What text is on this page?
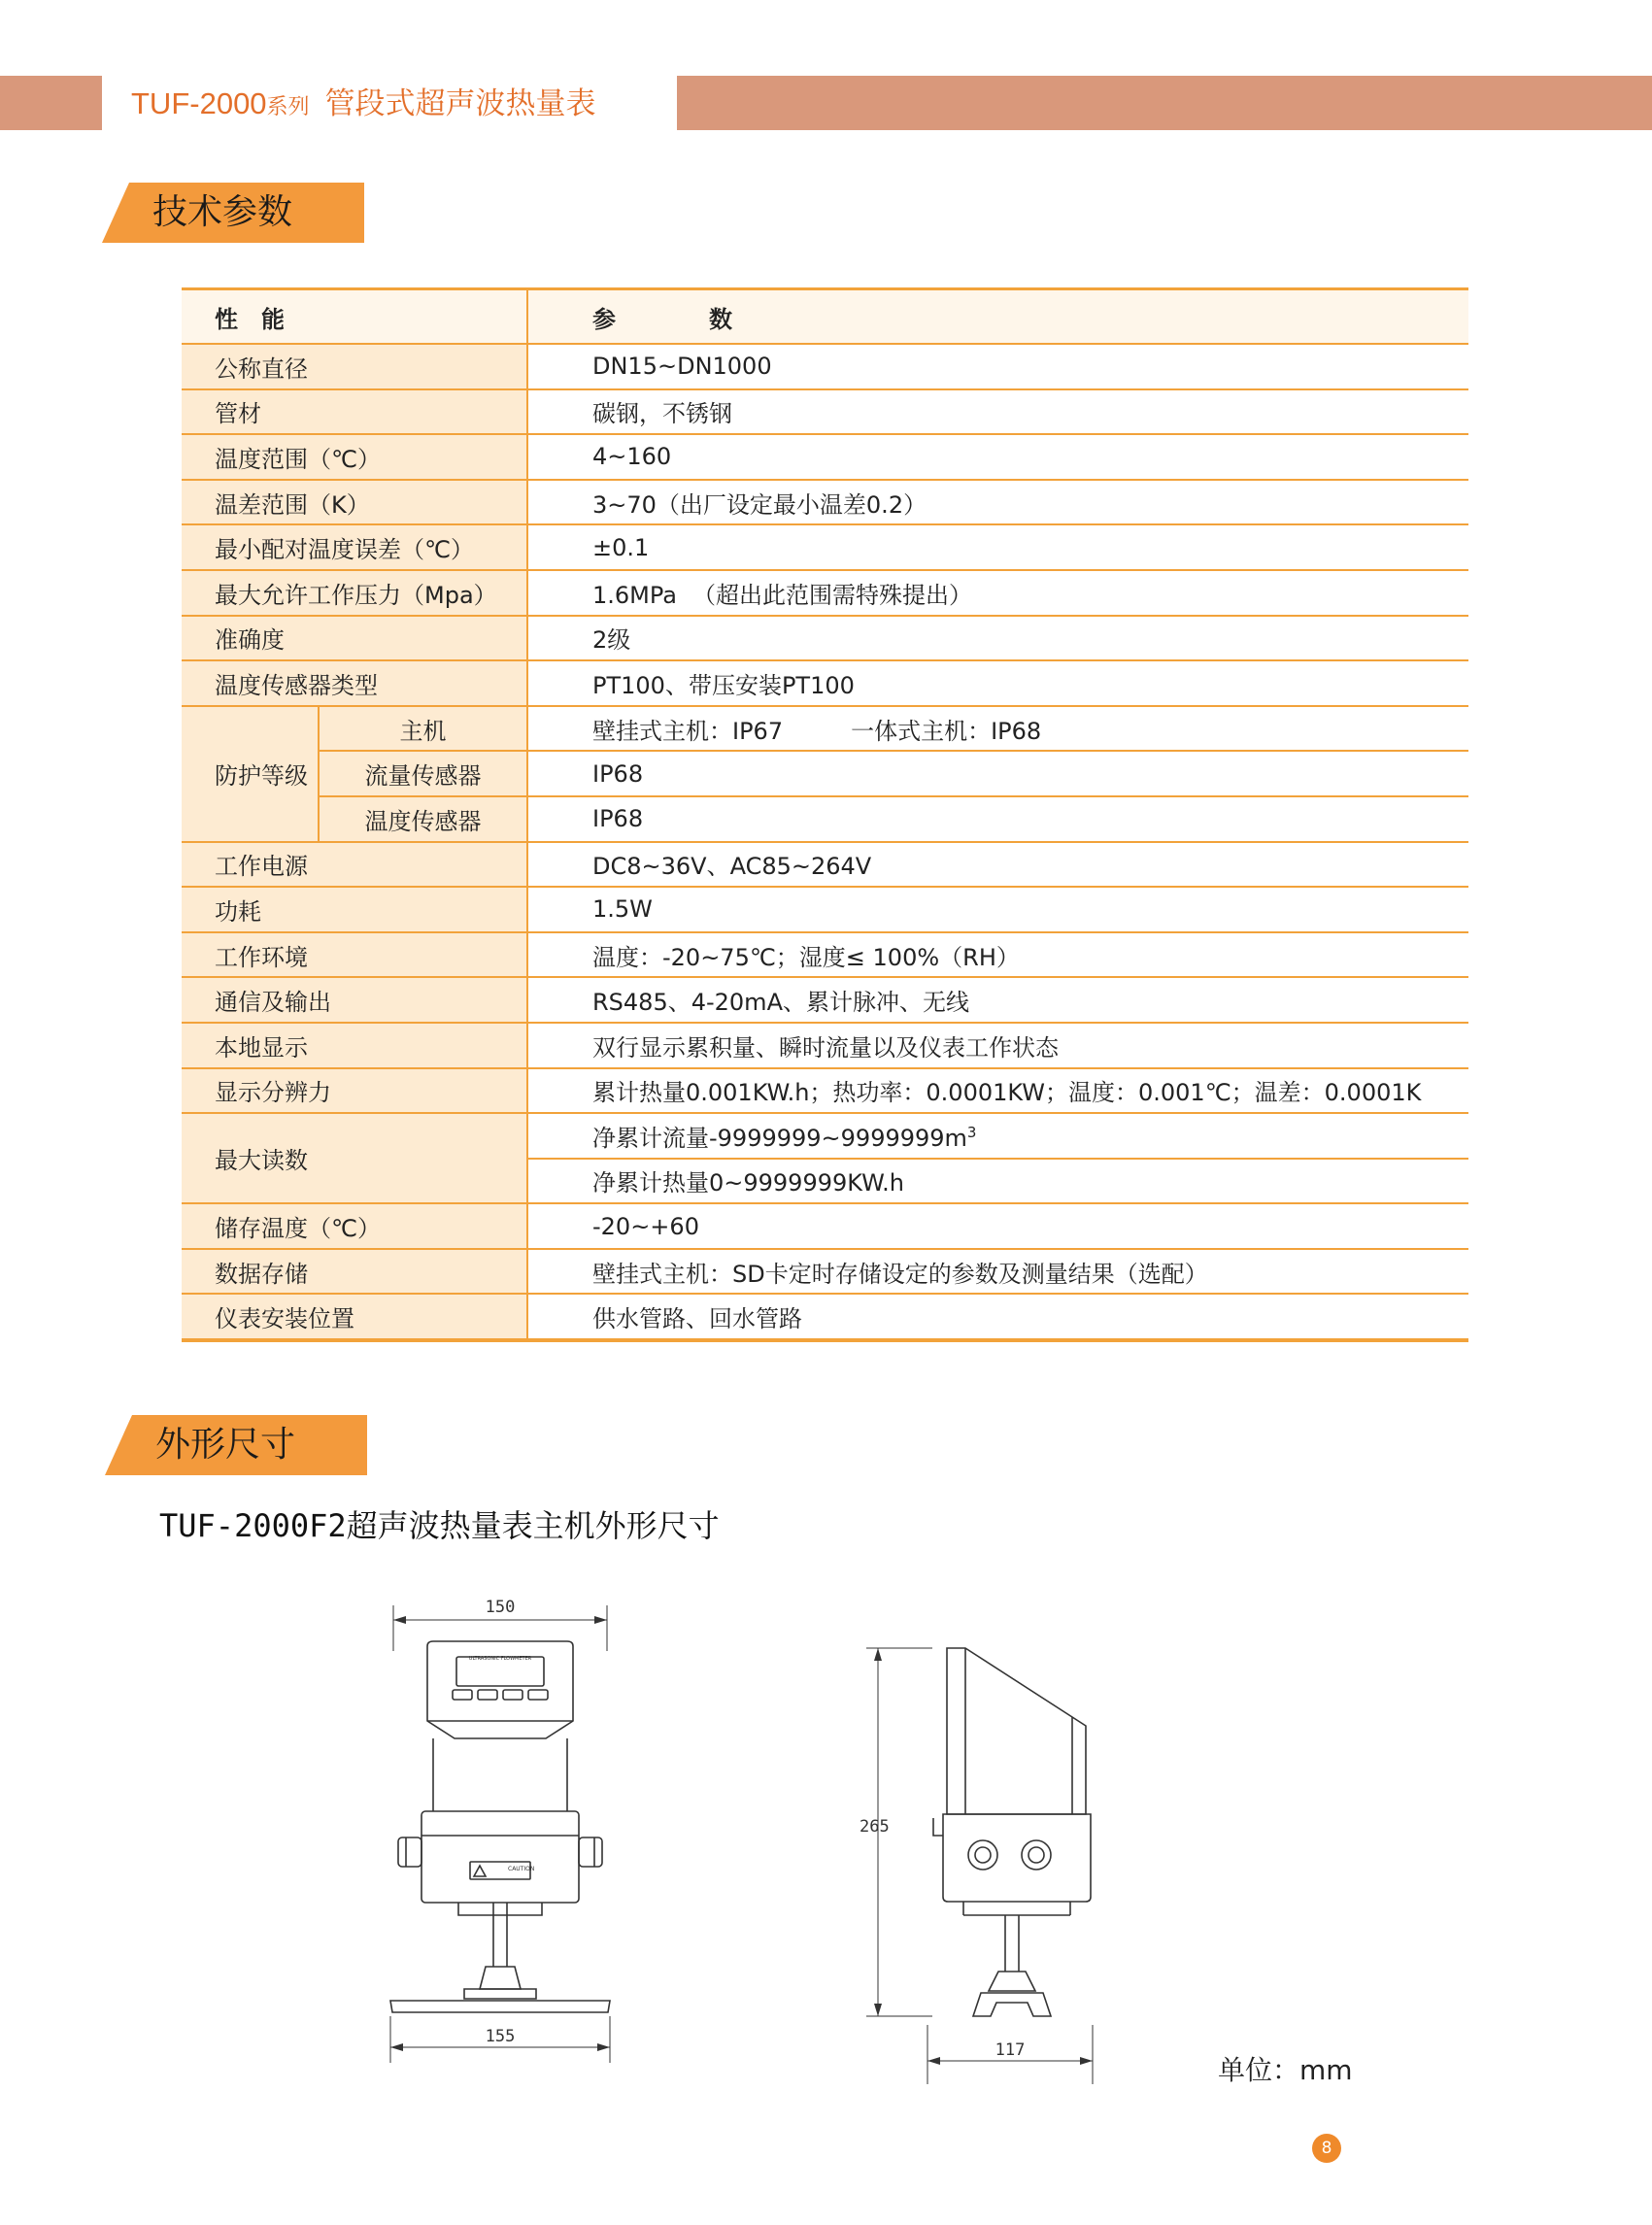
TUF-2000系列 管段式超声波热量表
技术参数
性　能		参　　　　数
公称直径		DN15~DN1000
管材		碳钢，不锈钢
温度范围（℃）		4~160
温差范围（K）		3~70（出厂设定最小温差0.2）
最小配对温度误差（℃）		±0.1
最大允许工作压力（Mpa）		1.6MPa （超出此范围需特殊提出）
准确度		2级
温度传感器类型		PT100、带压安装PT100
防护等级	主机	壁挂式主机：IP67 一体式主机：IP68
	流量传感器	IP68
	温度传感器	IP68
工作电源		DC8~36V、AC85~264V
功耗		1.5W
工作环境		温度：-20~75℃；湿度≤ 100%（RH）
通信及输出		RS485、4-20mA、累计脉冲、无线
本地显示		双行显示累积量、瞬时流量以及仪表工作状态
显示分辨力		累计热量0.001KW.h；热功率：0.0001KW；温度：0.001℃；温差：0.0001K
最大读数		净累计流量$-9999999\sim 9999999m^3$
		净累计热量0~9999999KW.h
储存温度（℃）		-20~+60
数据存储		壁挂式主机：SD卡定时存储设定的参数及测量结果（选配）
仪表安装位置		供水管路、回水管路
外形尺寸
TUF-2000F2超声波热量表主机外形尺寸
150
155
ULTRASONIC FLOWMETER
CAUTION
265
117
单位：mm
8
